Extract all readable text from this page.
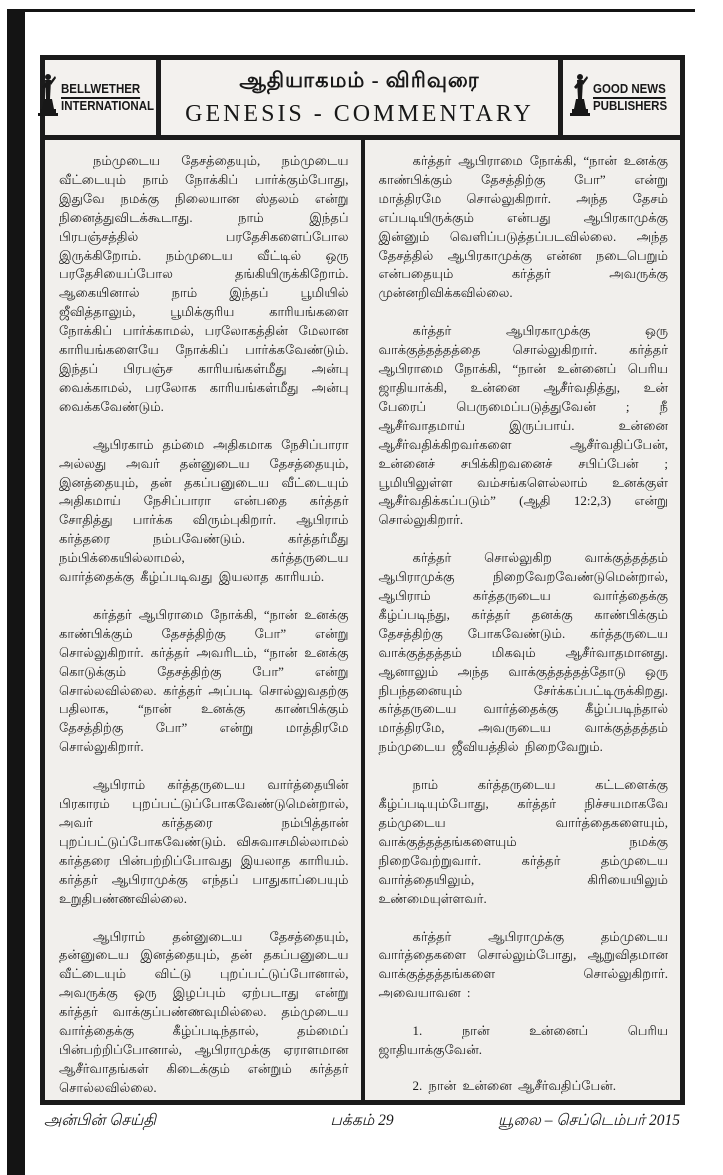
BELLWETHER
INTERNATIONAL
ஆதியாகமம் - விரிவுரை
GENESIS - COMMENTARY
GOOD NEWS
PUBLISHERS

நம்முடைய தேசத்தையும், நம்முடைய வீட்டையும் நாம் நோக்கிப் பார்க்கும்போது, இதுவே நமக்கு நிலையான ஸ்தலம் என்று நினைத்துவிடக்கூடாது. நாம் இந்தப் பிரபஞ்சத்தில் பரதேசிகளைப்போல இருக்கிறோம். நம்முடைய வீட்டில் ஒரு பரதேசியைப்போல தங்கியிருக்கிறோம். ஆகையினால் நாம் இந்தப் பூமியில் ஜீவித்தாலும், பூமிக்குரிய காரியங்களை நோக்கிப் பார்க்காமல், பரலோகத்தின் மேலான காரியங்களையே நோக்கிப் பார்க்கவேண்டும். இந்தப் பிரபஞ்ச காரியங்கள்மீது அன்பு வைக்காமல், பரலோக காரியங்கள்மீது அன்பு வைக்கவேண்டும்.

ஆபிரகாம் தம்மை அதிகமாக நேசிப்பாரா அல்லது அவர் தன்னுடைய தேசத்தையும், இனத்தையும், தன் தகப்பனுடைய வீட்டையும் அதிகமாய் நேசிப்பாரா என்பதை கர்த்தர் சோதித்து பார்க்க விரும்புகிறார். ஆபிராம் கர்த்தரை நம்பவேண்டும். கர்த்தர்மீது நம்பிக்கையில்லாமல், கர்த்தருடைய வார்த்தைக்கு கீழ்ப்படிவது இயலாத காரியம்.

கர்த்தர் ஆபிராமை நோக்கி, “நான் உனக்கு காண்பிக்கும் தேசத்திற்கு போ” என்று சொல்லுகிறார். கர்த்தர் அவரிடம், “நான் உனக்கு கொடுக்கும் தேசத்திற்கு போ” என்று சொல்லவில்லை. கர்த்தர் அப்படி சொல்லுவதற்கு பதிலாக, “நான் உனக்கு காண்பிக்கும் தேசத்திற்கு போ” என்று மாத்திரமே சொல்லுகிறார்.

ஆபிராம் கர்த்தருடைய வார்த்தையின் பிரகாரம் புறப்பட்டுப்போகவேண்டுமென்றால், அவர் கர்த்தரை நம்பித்தான் புறப்பட்டுப்போகவேண்டும். விசுவாசமில்லாமல் கர்த்தரை பின்பற்றிப்போவது இயலாத காரியம். கர்த்தர் ஆபிராமுக்கு எந்தப் பாதுகாப்பையும் உறுதிபண்ணவில்லை.

ஆபிராம் தன்னுடைய தேசத்தையும், தன்னுடைய இனத்தையும், தன் தகப்பனுடைய வீட்டையும் விட்டு புறப்பட்டுப்போனால், அவருக்கு ஒரு இழப்பும் ஏற்படாது என்று கர்த்தர் வாக்குப்பண்ணவுமில்லை. தம்முடைய வார்த்தைக்கு கீழ்ப்படிந்தால், தம்மைப் பின்பற்றிப்போனால், ஆபிராமுக்கு ஏராளமான ஆசீர்வாதங்கள் கிடைக்கும் என்றும் கர்த்தர் சொல்லவில்லை.

கர்த்தர் ஆபிராமை நோக்கி, “நான் உனக்கு காண்பிக்கும் தேசத்திற்கு போ” என்று மாத்திரமே சொல்லுகிறார். அந்த தேசம் எப்படியிருக்கும் என்பது ஆபிரகாமுக்கு இன்னும் வெளிப்படுத்தப்படவில்லை. அந்த தேசத்தில் ஆபிரகாமுக்கு என்ன நடைபெறும் என்பதையும் கர்த்தர் அவருக்கு முன்னறிவிக்கவில்லை.

கர்த்தர் ஆபிரகாமுக்கு ஒரு வாக்குத்தத்தத்தை சொல்லுகிறார். கர்த்தர் ஆபிராமை நோக்கி, “நான் உன்னைப் பெரிய ஜாதியாக்கி, உன்னை ஆசீர்வதித்து, உன் பேரைப் பெருமைப்படுத்துவேன் ; நீ ஆசீர்வாதமாய் இருப்பாய். உன்னை ஆசீர்வதிக்கிறவர்களை ஆசீர்வதிப்பேன், உன்னைச் சபிக்கிறவனைச் சபிப்பேன் ; பூமியிலுள்ள வம்சங்களெல்லாம் உனக்குள் ஆசீர்வதிக்கப்படும்” (ஆதி 12:2,3) என்று சொல்லுகிறார்.

கர்த்தர் சொல்லுகிற வாக்குத்தத்தம் ஆபிராமுக்கு நிறைவேறவேண்டுமென்றால், ஆபிராம் கர்த்தருடைய வார்த்தைக்கு கீழ்ப்படிந்து, கர்த்தர் தனக்கு காண்பிக்கும் தேசத்திற்கு போகவேண்டும். கர்த்தருடைய வாக்குத்தத்தம் மிகவும் ஆசீர்வாதமானது. ஆனாலும் அந்த வாக்குத்தத்தத்தோடு ஒரு நிபந்தனையும் சேர்க்கப்பட்டிருக்கிறது. கர்த்தருடைய வார்த்தைக்கு கீழ்ப்படிந்தால் மாத்திரமே, அவருடைய வாக்குத்தத்தம் நம்முடைய ஜீவியத்தில் நிறைவேறும்.

நாம் கர்த்தருடைய கட்டளைக்கு கீழ்ப்படியும்போது, கர்த்தர் நிச்சயமாகவே தம்முடைய வார்த்தைகளையும், வாக்குத்தத்தங்களையும் நமக்கு நிறைவேற்றுவார். கர்த்தர் தம்முடைய வார்த்தையிலும், கிரியையிலும் உண்மையுள்ளவர்.

கர்த்தர் ஆபிராமுக்கு தம்முடைய வார்த்தைகளை சொல்லும்போது, ஆறுவிதமான வாக்குத்தத்தங்களை சொல்லுகிறார். அவையாவன :

1. நான் உன்னைப் பெரிய ஜாதியாக்குவேன்.

2. நான் உன்னை ஆசீர்வதிப்பேன்.

அன்பின் செய்தி	பக்கம் 29	யூலை – செப்டெம்பர் 2015
